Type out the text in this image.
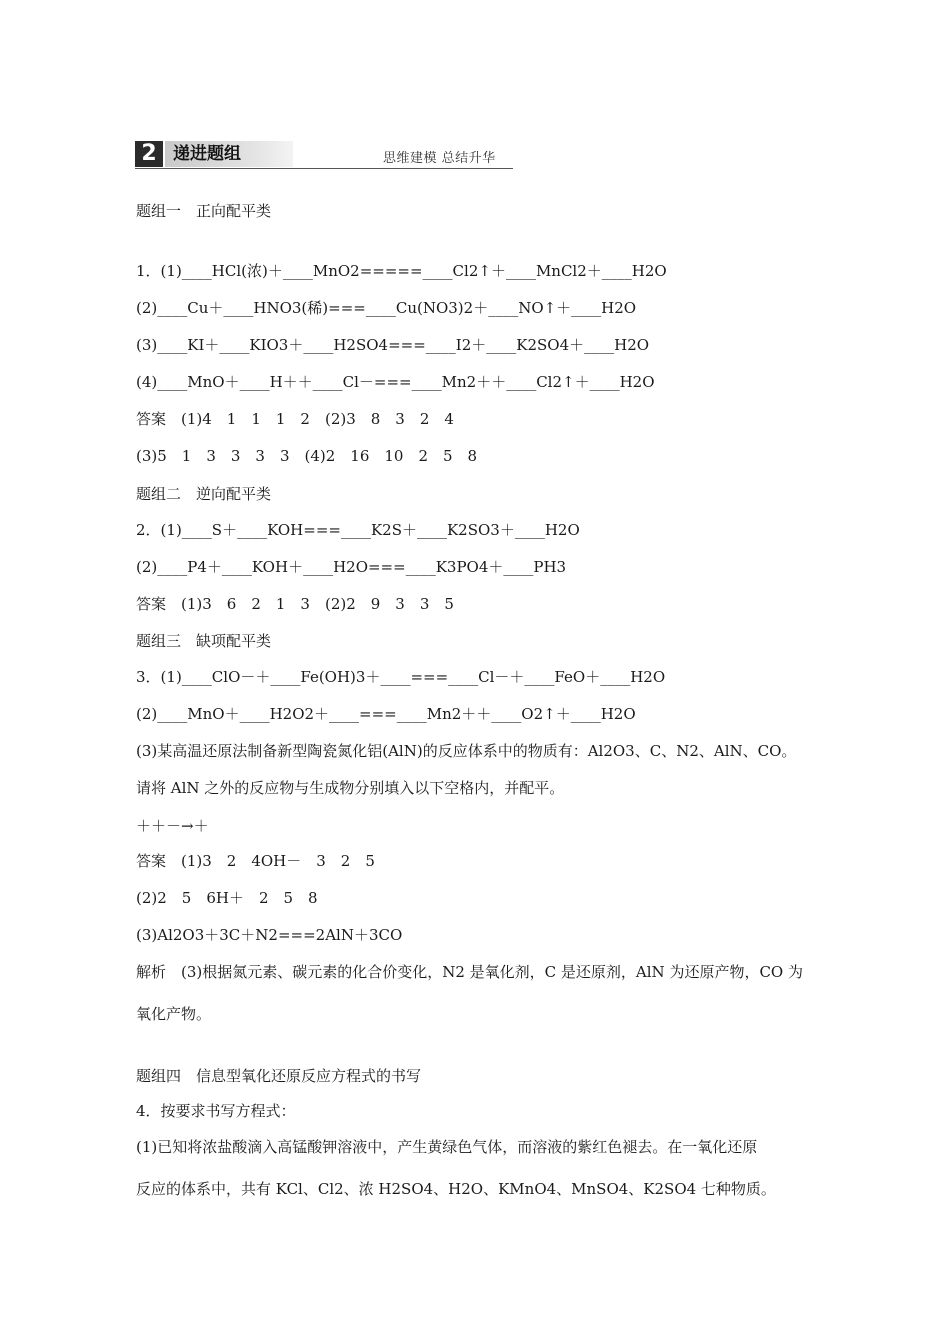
2 递进题组	思维建模 总结升华
题组一　正向配平类
1．(1)____HCl(浓)＋____MnO2=====____Cl2↑＋____MnCl2＋____H2O
(2)____Cu＋____HNO3(稀)===____Cu(NO3)2＋____NO↑＋____H2O
(3)____KI＋____KIO3＋____H2SO4===____I2＋____K2SO4＋____H2O
(4)____MnO＋____H＋＋____Cl－===____Mn2＋＋____Cl2↑＋____H2O
答案　(1)4　1　1　1　2　(2)3　8　3　2　4
(3)5　1　3　3　3　3　(4)2　16　10　2　5　8
题组二　逆向配平类
2．(1)____S＋____KOH===____K2S＋____K2SO3＋____H2O
(2)____P4＋____KOH＋____H2O===____K3PO4＋____PH3
答案　(1)3　6　2　1　3　(2)2　9　3　3　5
题组三　缺项配平类
3．(1)____ClO－＋____Fe(OH)3＋____===____Cl－＋____FeO＋____H2O
(2)____MnO＋____H2O2＋____===____Mn2＋＋____O2↑＋____H2O
(3)某高温还原法制备新型陶瓷氮化铝(AlN)的反应体系中的物质有：Al2O3、C、N2、AlN、CO。
请将 AlN 之外的反应物与生成物分别填入以下空格内，并配平。
＋＋－→＋
答案　(1)3　2　4OH－　3　2　5
(2)2　5　6H＋　2　5　8
(3)Al2O3＋3C＋N2===2AlN＋3CO
解析　(3)根据氮元素、碳元素的化合价变化，N2 是氧化剂，C 是还原剂，AlN 为还原产物，CO 为
氧化产物。
题组四　信息型氧化还原反应方程式的书写
4．按要求书写方程式：
(1)已知将浓盐酸滴入高锰酸钾溶液中，产生黄绿色气体，而溶液的紫红色褪去。在一氧化还原
反应的体系中，共有 KCl、Cl2、浓 H2SO4、H2O、KMnO4、MnSO4、K2SO4 七种物质。
